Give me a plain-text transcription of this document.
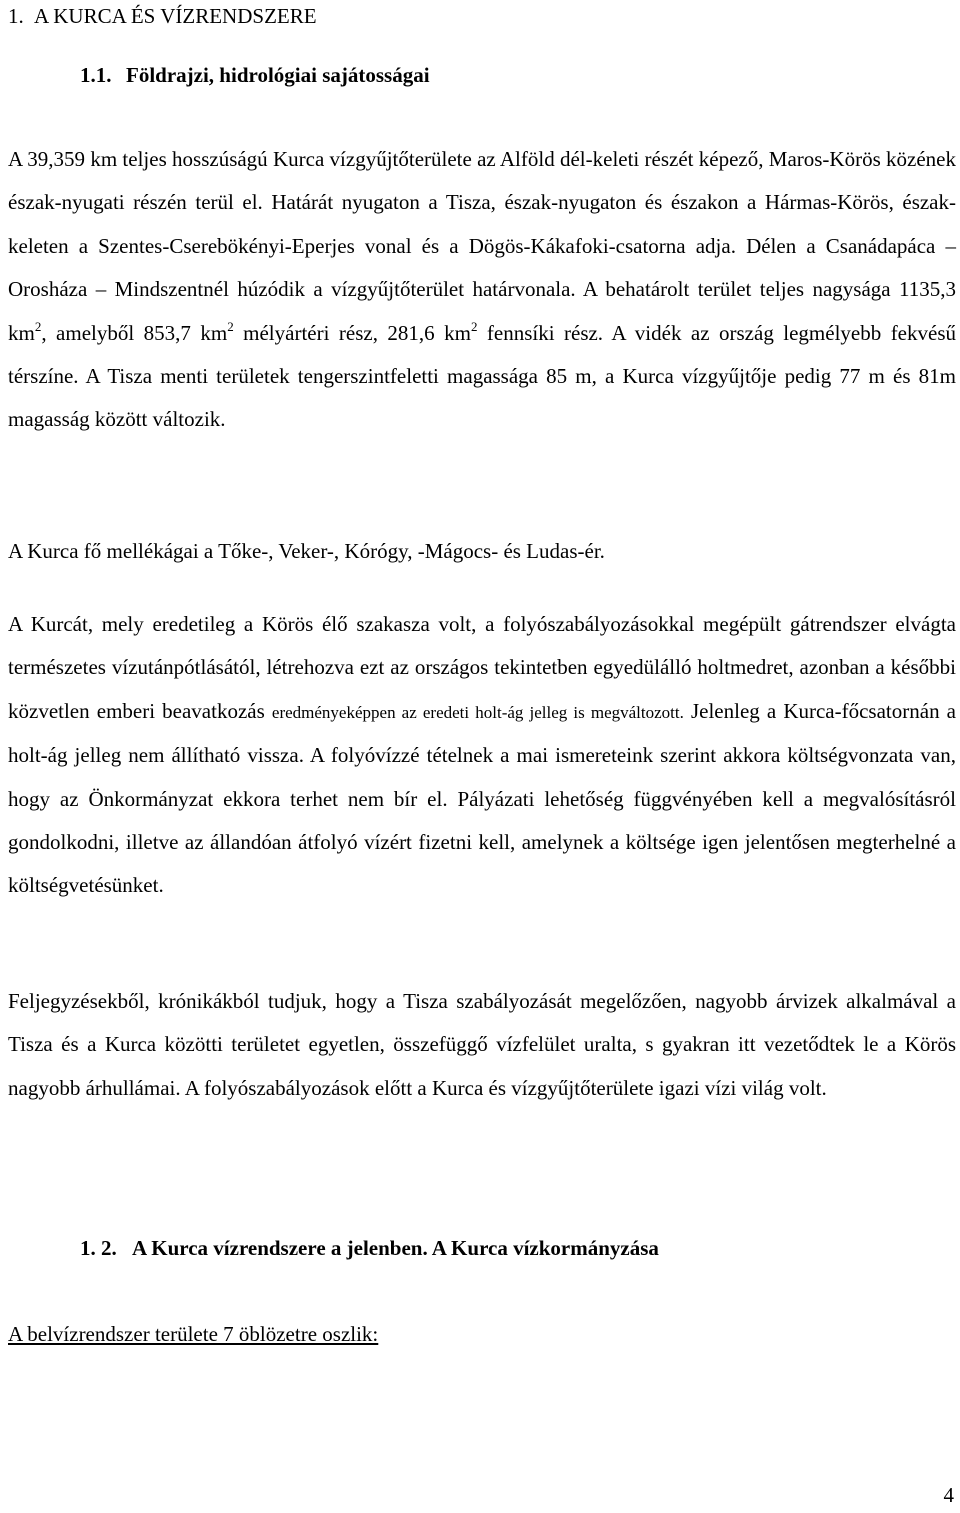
1. A KURCA ÉS VÍZRENDSZERE
1.1. Földrajzi, hidrológiai sajátosságai

A 39,359 km teljes hosszúságú Kurca vízgyűjtőterülete az Alföld dél-keleti részét képező, Maros-Körös közének észak-nyugati részén terül el. Határát nyugaton a Tisza, észak-nyugaton és északon a Hármas-Körös, észak-keleten a Szentes-Cserebökényi-Eperjes vonal és a Dögös-Kákafoki-csatorna adja. Délen a Csanádapáca – Orosháza – Mindszentnél húzódik a vízgyűjtőterület határvonala. A behatárolt terület teljes nagysága 1135,3 $km^2$, amelyből 853,7 $km^2$ mélyártéri rész, 281,6 $km^2$ fennsíki rész. A vidék az ország legmélyebb fekvésű térszíne. A Tisza menti területek tengerszintfeletti magassága 85 m, a Kurca vízgyűjtője pedig 77 m és 81m magasság között változik.

A Kurca fő mellékágai a Tőke-, Veker-, Kórógy, -Mágocs- és Ludas-ér.

A Kurcát, mely eredetileg a Körös élő szakasza volt, a folyószabályozásokkal megépült gátrendszer elvágta természetes vízutánpótlásától, létrehozva ezt az országos tekintetben egyedülálló holtmedret, azonban a későbbi közvetlen emberi beavatkozás eredményeképpen az eredeti holt-ág jelleg is megváltozott. Jelenleg a Kurca-főcsatornán a holt-ág jelleg nem állítható vissza. A folyóvízzé tételnek a mai ismereteink szerint akkora költségvonzata van, hogy az Önkormányzat ekkora terhet nem bír el. Pályázati lehetőség függvényében kell a megvalósításról gondolkodni, illetve az állandóan átfolyó vízért fizetni kell, amelynek a költsége igen jelentősen megterhelné a költségvetésünket.

Feljegyzésekből, krónikákból tudjuk, hogy a Tisza szabályozását megelőzően, nagyobb árvizek alkalmával a Tisza és a Kurca közötti területet egyetlen, összefüggő vízfelület uralta, s gyakran itt vezetődtek le a Körös nagyobb árhullámai. A folyószabályozások előtt a Kurca és vízgyűjtőterülete igazi vízi világ volt.

1. 2. A Kurca vízrendszere a jelenben. A Kurca vízkormányzása
A belvízrendszer területe 7 öblözetre oszlik:
4
